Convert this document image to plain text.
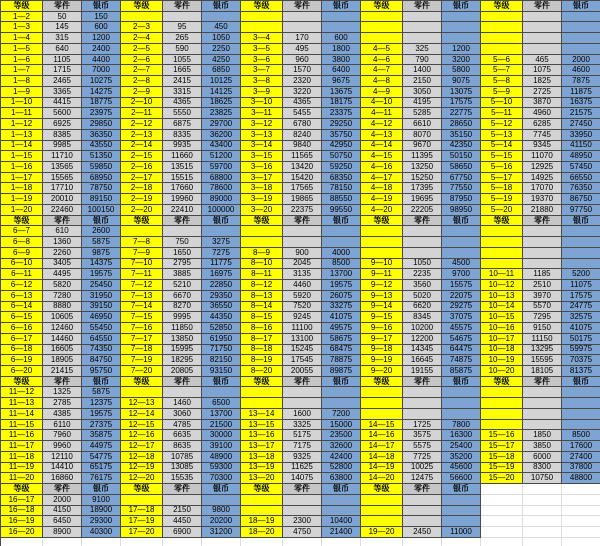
等级	零件	银币	等级	零件	银币	等级	零件	银币	等级	零件	银币	等级	零件	银币
1—2	50	150
1—3	145	600	2—3	95	450
1—4	315	1200	2—4	265	1050	3—4	170	600
1—5	640	2400	2—5	590	2250	3—5	495	1800	4—5	325	1200
1—6	1105	4400	2—6	1055	4250	3—6	960	3800	4—6	790	3200	5—6	465	2000
1—7	1715	7000	2—7	1665	6850	3—7	1570	6400	4—7	1400	5800	5—7	1075	4600
1—8	2465	10275	2—8	2415	10125	3—8	2320	9675	4—8	2150	9075	5—8	1825	7875
1—9	3365	14275	2—9	3315	14125	3—9	3220	13675	4—9	3050	13075	5—9	2725	11875
1—10	4415	18775	2—10	4365	18625	3—10	4365	18175	4—10	4195	17575	5—10	3870	16375
1—11	5600	23975	2—11	5550	23825	3—11	5455	23375	4—11	5285	22775	5—11	4960	21575
1—12	6925	29850	2—12	6875	29700	3—12	6780	29250	4—12	6610	28650	5—12	6285	27450
1—13	8385	36350	2—13	8335	36200	3—13	8240	35750	4—13	8070	35150	5—13	7745	33950
1—14	9985	43550	2—14	9935	43400	3—14	9840	42950	4—14	9670	42350	5—14	9345	41150
1—15	11710	51350	2—15	11660	51200	3—15	11565	50750	4—15	11395	50150	5—15	11070	48950
1—16	13565	59850	2—16	13515	59700	3—16	13420	59250	4—16	13250	58650	5—16	12925	57450
1—17	15565	68950	2—17	15515	68800	3—17	15420	68350	4—17	15250	67750	5—17	14925	66550
1—18	17710	78750	2—18	17660	78600	3—18	17565	78150	4—18	17395	77550	5—18	17070	76350
1—19	20010	89150	2—19	19960	89000	3—19	19865	88550	4—19	19695	87950	5—19	19370	86750
1—20	22460	100150	2—20	22410	100000	3—20	22375	99550	4—20	22205	98950	5—20	21880	97750
等级	零件	银币	等级	零件	银币	等级	零件	银币	等级	零件	银币	等级	零件	银币
6—7	610	2600
6—8	1360	5875	7—8	750	3275
6—9	2260	9875	7—9	1650	7275	8—9	900	4000
6—10	3405	14375	7—10	2795	11775	8—10	2045	8500	9—10	1050	4500
6—11	4495	19575	7—11	3885	16975	8—11	3135	13700	9—11	2235	9700	10—11	1185	5200
6—12	5820	25450	7—12	5210	22850	8—12	4460	19575	9—12	3560	15575	10—12	2510	11075
6—13	7280	31950	7—13	6670	29350	8—13	5920	26075	9—13	5020	22075	10—13	3970	17575
6—14	8880	39150	7—14	8270	36550	8—14	7520	33275	9—14	6620	29275	10—14	5570	24775
6—15	10605	46950	7—15	9995	44350	8—15	9245	41075	9—15	8345	37075	10—15	7295	32575
6—16	12460	55450	7—16	11850	52850	8—16	11100	49575	9—16	10200	45575	10—16	9150	41075
6—17	14460	64550	7—17	13850	61950	8—17	13100	58675	9—17	12200	54675	10—17	11150	50175
6—18	16605	74350	7—18	15995	71750	8—18	15245	68475	9—18	14345	64475	10—18	13295	59975
6—19	18905	84750	7—19	18295	82150	8—19	17545	78875	9—19	16645	74875	10—19	15595	70375
6—20	21415	95750	7—20	20805	93150	8—20	20055	89875	9—20	19155	85875	10—20	18105	81375
等级	零件	银币	等级	零件	银币	等级	零件	银币	等级	零件	银币	等级	零件	银币
11—12	1325	5875
11—13	2785	12375	12—13	1460	6500
11—14	4385	19575	12—14	3060	13700	13—14	1600	7200
11—15	6110	27375	12—15	4785	21500	13—15	3325	15000	14—15	1725	7800
11—16	7960	35875	12—16	6635	30000	13—16	5175	23500	14—16	3575	16300	15—16	1850	8500
11—17	9960	44975	12—17	8635	39100	13—17	7175	32600	14—17	5575	25400	15—17	3850	17600
11—18	12110	54775	12—18	10785	48900	13—18	9325	42400	14—18	7725	35200	15—18	6000	27400
11—19	14410	65175	12—19	13085	59300	13—19	11625	52800	14—19	10025	45600	15—19	8300	37800
11—20	16860	76175	12—20	15535	70300	13—20	14075	63800	14—20	12475	56600	15—20	10750	48800
等级	零件	银币	等级	零件	银币	等级	零件	银币	等级	零件	银币
16—17	2000	9100
16—18	4150	18900	17—18	2150	9800
16—19	6450	29300	17—19	4450	20200	18—19	2300	10400
16—20	8900	40300	17—20	6900	31200	18—20	4750	21400	19—20	2450	11000
